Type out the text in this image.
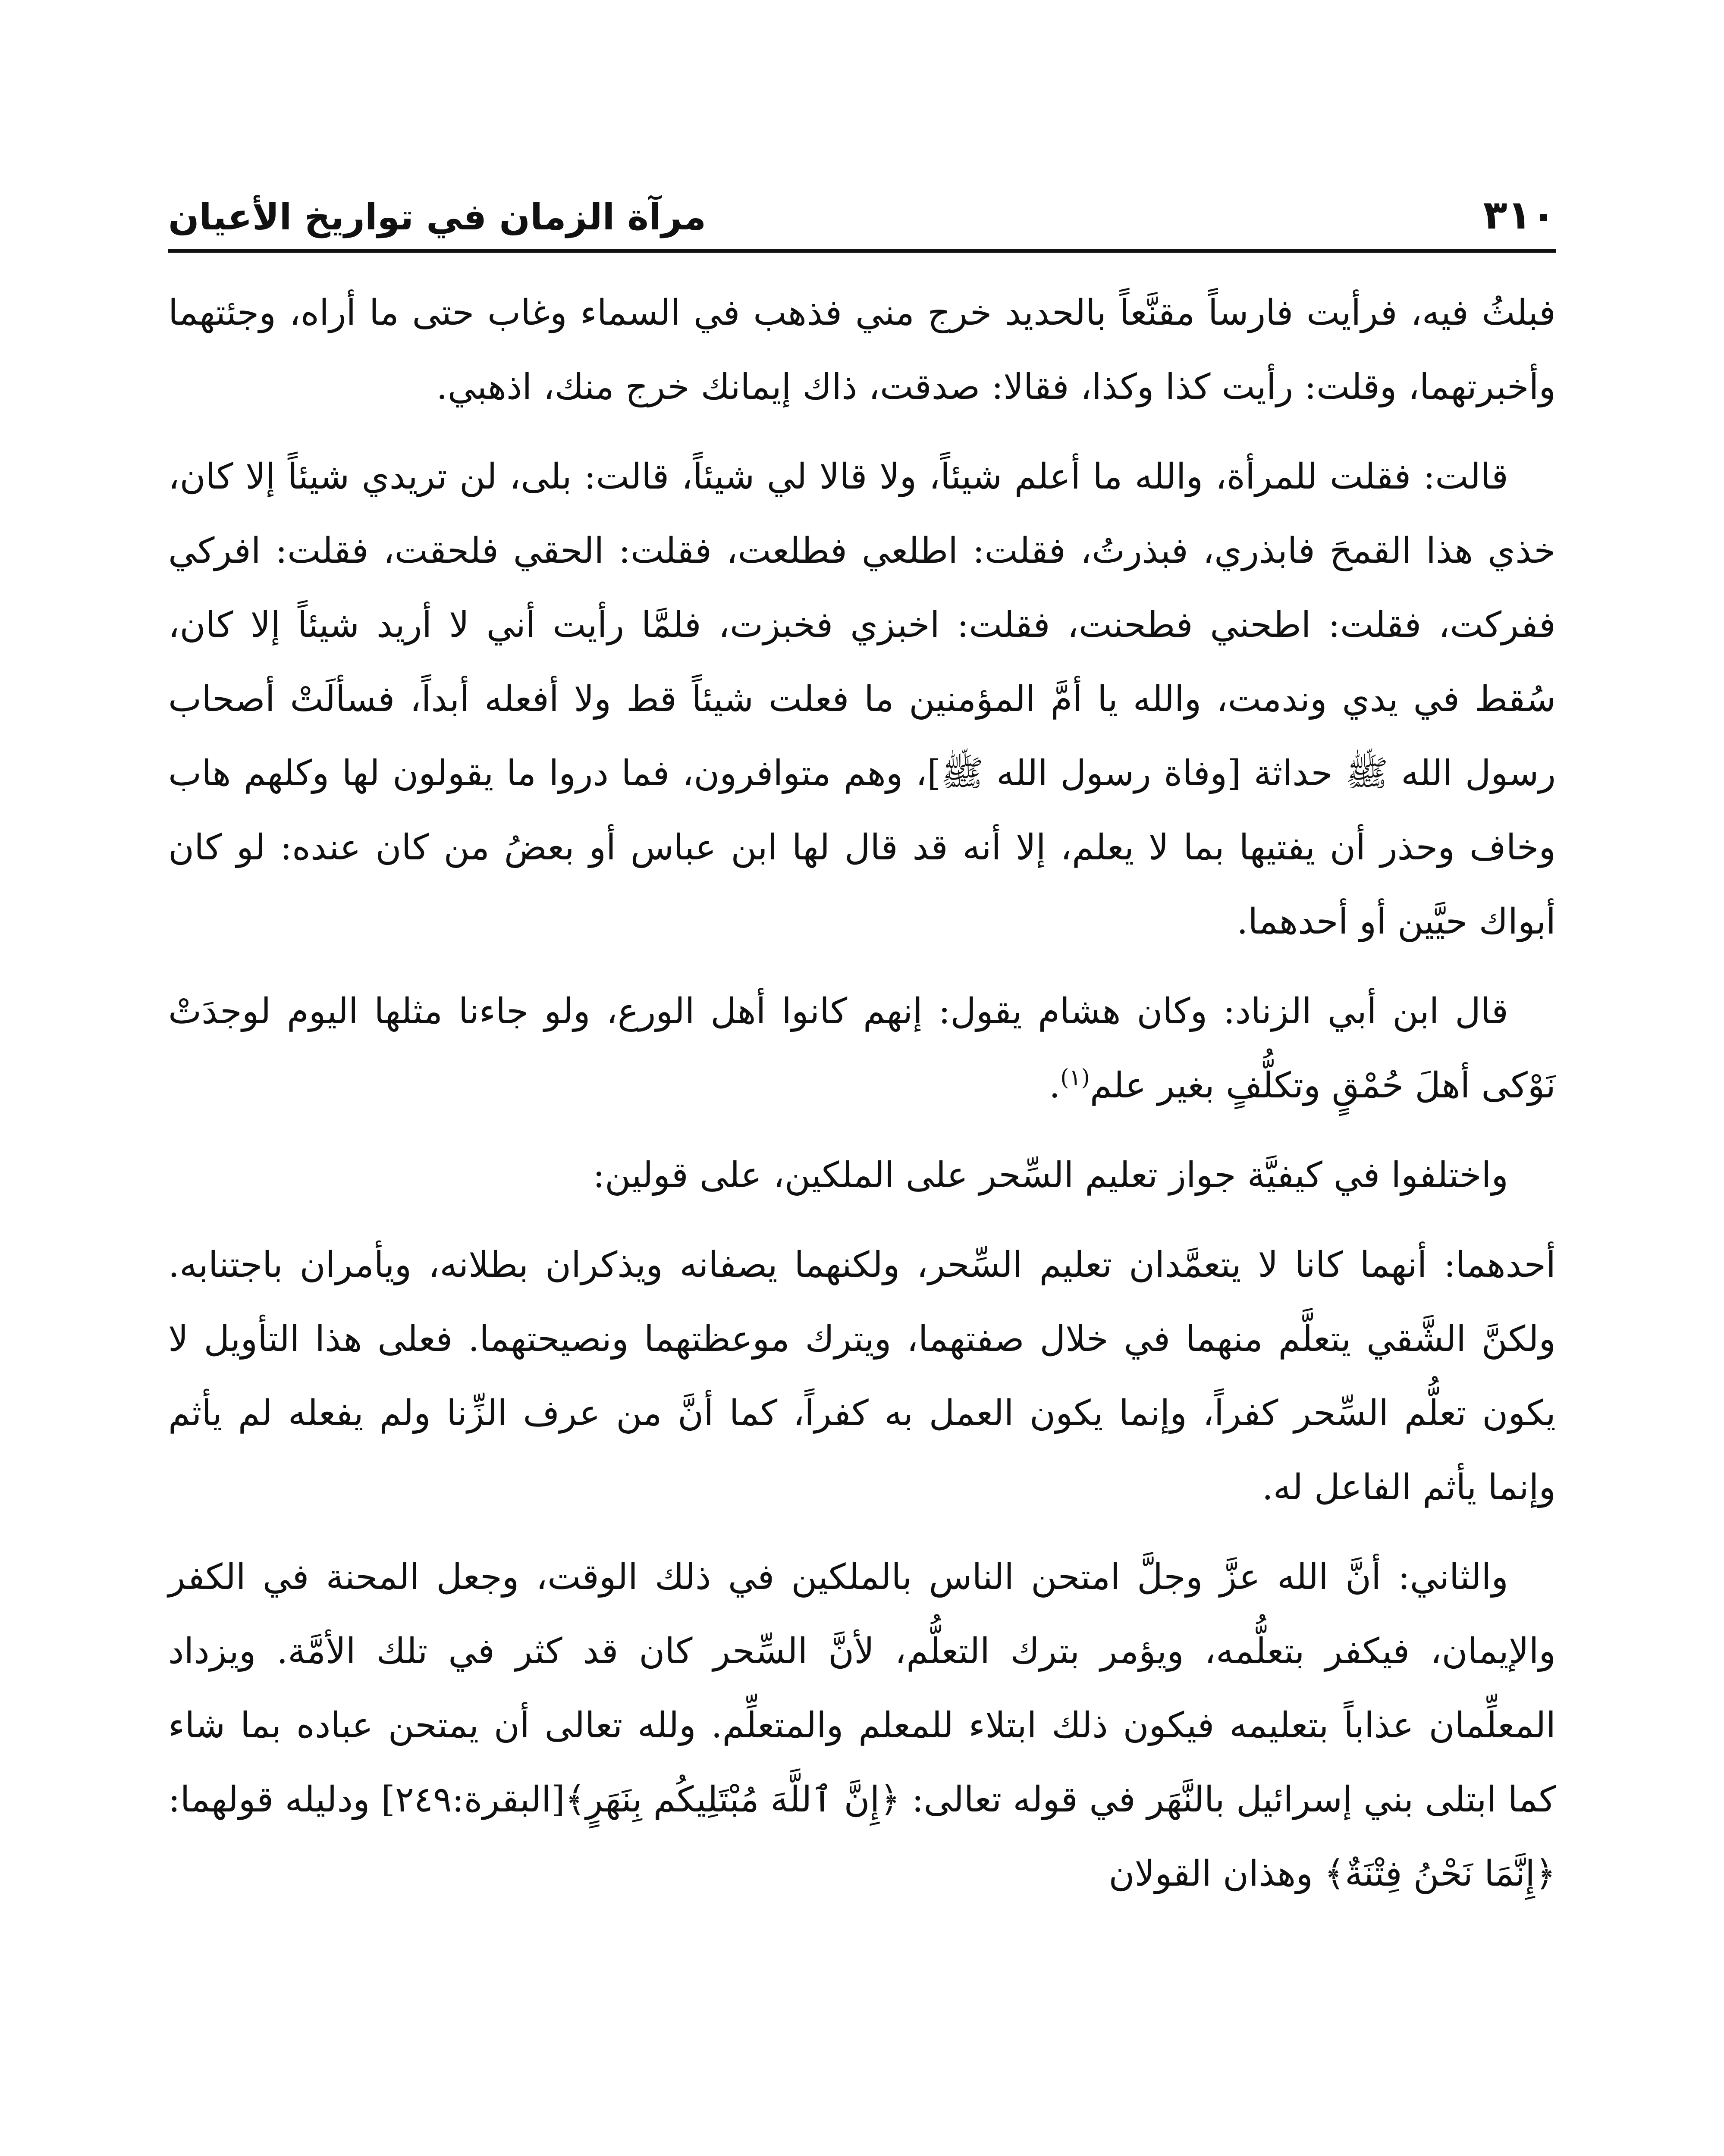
٣١٠
مرآة الزمان في تواريخ الأعيان

فبلثُ فيه، فرأيت فارساً مقنَّعاً بالحديد خرج مني فذهب في السماء وغاب حتى ما أراه، وجئتهما وأخبرتهما، وقلت: رأيت كذا وكذا، فقالا: صدقت، ذاك إيمانك خرج منك، اذهبي.

قالت: فقلت للمرأة، والله ما أعلم شيئاً، ولا قالا لي شيئاً، قالت: بلى، لن تريدي شيئاً إلا كان، خذي هذا القمحَ فابذري، فبذرتُ، فقلت: اطلعي فطلعت، فقلت: الحقي فلحقت، فقلت: افركي ففركت، فقلت: اطحني فطحنت، فقلت: اخبزي فخبزت، فلمَّا رأيت أني لا أريد شيئاً إلا كان، سُقط في يدي وندمت، والله يا أمَّ المؤمنين ما فعلت شيئاً قط ولا أفعله أبداً، فسألَتْ أصحاب رسول الله ﷺ حداثة [وفاة رسول الله ﷺ]، وهم متوافرون، فما دروا ما يقولون لها وكلهم هاب وخاف وحذر أن يفتيها بما لا يعلم، إلا أنه قد قال لها ابن عباس أو بعضُ من كان عنده: لو كان أبواك حيَّين أو أحدهما.

قال ابن أبي الزناد: وكان هشام يقول: إنهم كانوا أهل الورع، ولو جاءنا مثلها اليوم لوجدَتْ نَوْكى أهلَ حُمْقٍ وتكلُّفٍ بغير علم$^{(١)}$.

واختلفوا في كيفيَّة جواز تعليم السِّحر على الملكين، على قولين:

أحدهما: أنهما كانا لا يتعمَّدان تعليم السِّحر، ولكنهما يصفانه ويذكران بطلانه، ويأمران باجتنابه. ولكنَّ الشَّقي يتعلَّم منهما في خلال صفتهما، ويترك موعظتهما ونصيحتهما. فعلى هذا التأويل لا يكون تعلُّم السِّحر كفراً، وإنما يكون العمل به كفراً، كما أنَّ من عرف الزِّنا ولم يفعله لم يأثم وإنما يأثم الفاعل له.

والثاني: أنَّ الله عزَّ وجلَّ امتحن الناس بالملكين في ذلك الوقت، وجعل المحنة في الكفر والإيمان، فيكفر بتعلُّمه، ويؤمر بترك التعلُّم، لأنَّ السِّحر كان قد كثر في تلك الأمَّة. ويزداد المعلِّمان عذاباً بتعليمه فيكون ذلك ابتلاء للمعلم والمتعلِّم. ولله تعالى أن يمتحن عباده بما شاء كما ابتلى بني إسرائيل بالنَّهَر في قوله تعالى: ﴿إِنَّ ٱللَّهَ مُبْتَلِيكُم بِنَهَرٍ﴾[البقرة:٢٤٩] ودليله قولهما: ﴿إِنَّمَا نَحْنُ فِتْنَةٌ﴾ وهذان القولان
